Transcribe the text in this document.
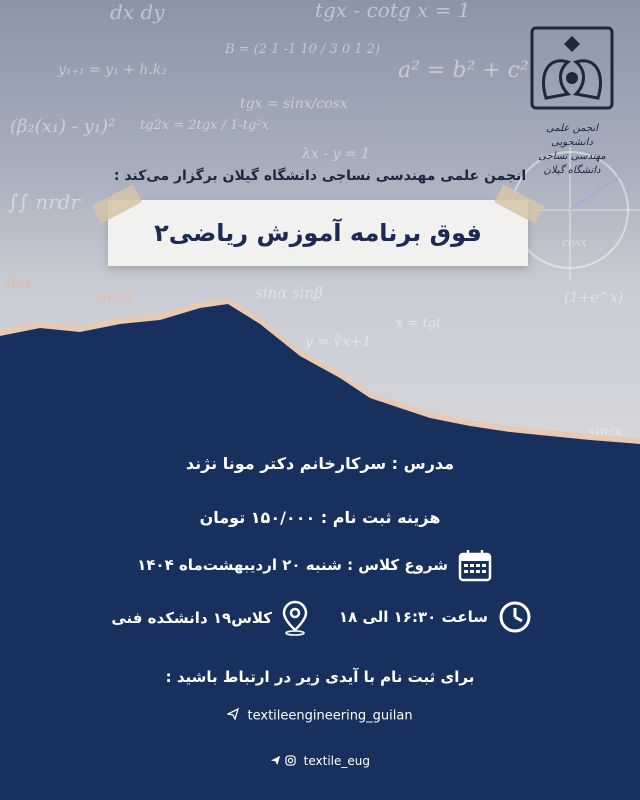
dx dy	tgx - cotg x = 1
y₁₊₁ = y₁ + h.k₂
B = (2 1 -1 10 / 3 0 1 2)
a² = b² + c²
tg2x = 2tgx / 1-tg²x
tgx = sinx/cosx
λx - y = 1
(β₂(x₁) - y₁)²
∫∫ nrdr
sinx
sin2x	sinα sinβ	(1+e^x)
y = ∛x+1
x = tgt
sin²x
cosx
انجمن علمی دانشجویی
مهندسی نساجی دانشگاه گیلان
انجمن علمی مهندسی نساجی دانشگاه گیلان برگزار می‌کند :
فوق برنامه آموزش ریاضی۲
مدرس : سرکارخانم دکتر مونا نژند
هزینه ثبت نام : ۱۵۰/۰۰۰ تومان
شروع کلاس : شنبه ۲۰ اردیبهشت‌ماه ۱۴۰۴
ساعت ۱۶:۳۰ الی ۱۸
کلاس۱۹ دانشکده فنی
برای ثبت نام با آیدی زیر در ارتباط باشید :
textileengineering_guilan
textile_eug
